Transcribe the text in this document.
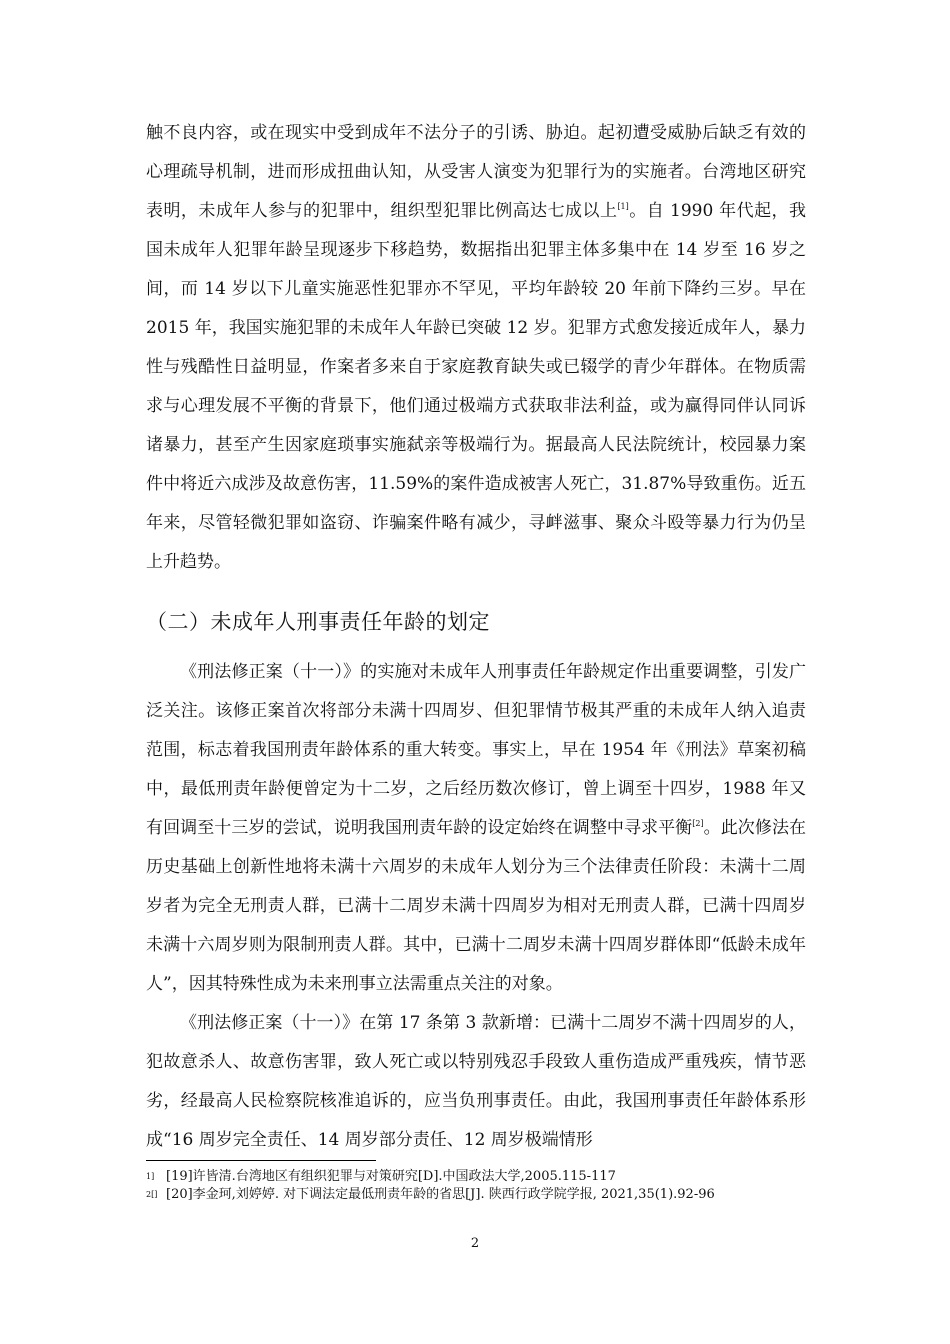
触不良内容，或在现实中受到成年不法分子的引诱、胁迫。起初遭受威胁后缺乏有效的心理疏导机制，进而形成扭曲认知，从受害人演变为犯罪行为的实施者。台湾地区研究表明，未成年人参与的犯罪中，组织型犯罪比例高达七成以上[1]。自 1990 年代起，我国未成年人犯罪年龄呈现逐步下移趋势，数据指出犯罪主体多集中在 14 岁至 16 岁之间，而 14 岁以下儿童实施恶性犯罪亦不罕见，平均年龄较 20 年前下降约三岁。早在 2015 年，我国实施犯罪的未成年人年龄已突破 12 岁。犯罪方式愈发接近成年人，暴力性与残酷性日益明显，作案者多来自于家庭教育缺失或已辍学的青少年群体。在物质需求与心理发展不平衡的背景下，他们通过极端方式获取非法利益，或为赢得同伴认同诉诸暴力，甚至产生因家庭琐事实施弑亲等极端行为。据最高人民法院统计，校园暴力案件中将近六成涉及故意伤害，11.59%的案件造成被害人死亡，31.87%导致重伤。近五年来，尽管轻微犯罪如盗窃、诈骗案件略有减少，寻衅滋事、聚众斗殴等暴力行为仍呈上升趋势。

（二）未成年人刑事责任年龄的划定

《刑法修正案（十一）》的实施对未成年人刑事责任年龄规定作出重要调整，引发广泛关注。该修正案首次将部分未满十四周岁、但犯罪情节极其严重的未成年人纳入追责范围，标志着我国刑责年龄体系的重大转变。事实上，早在 1954 年《刑法》草案初稿中，最低刑责年龄便曾定为十二岁，之后经历数次修订，曾上调至十四岁，1988 年又有回调至十三岁的尝试，说明我国刑责年龄的设定始终在调整中寻求平衡[2]。此次修法在历史基础上创新性地将未满十六周岁的未成年人划分为三个法律责任阶段：未满十二周岁者为完全无刑责人群，已满十二周岁未满十四周岁为相对无刑责人群，已满十四周岁未满十六周岁则为限制刑责人群。其中，已满十二周岁未满十四周岁群体即“低龄未成年人”，因其特殊性成为未来刑事立法需重点关注的对象。

《刑法修正案（十一）》在第 17 条第 3 款新增：已满十二周岁不满十四周岁的人，犯故意杀人、故意伤害罪，致人死亡或以特别残忍手段致人重伤造成严重残疾，情节恶劣，经最高人民检察院核准追诉的，应当负刑事责任。由此，我国刑事责任年龄体系形成“16 周岁完全责任、14 周岁部分责任、12 周岁极端情形

1] [19]许皆清.台湾地区有组织犯罪与对策研究[D].中国政法大学,2005.115-117
2[] [20]李金珂,刘婷婷. 对下调法定最低刑责年龄的省思[J]. 陕西行政学院学报, 2021,35(1).92-96
2
